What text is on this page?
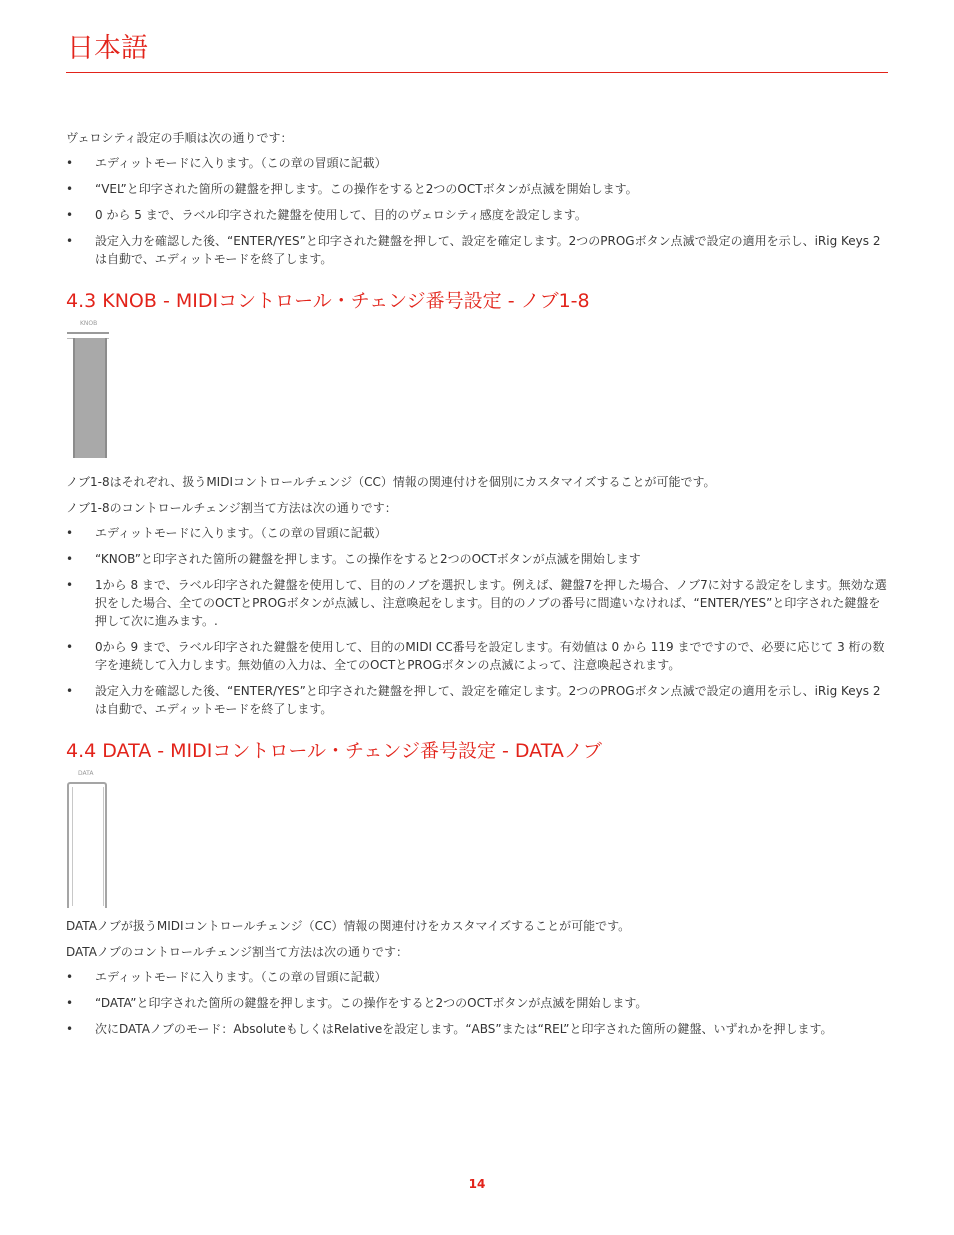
日本語

ヴェロシティ設定の手順は次の通りです：

• エディットモードに入ります。（この章の冒頭に記載）
• “VEL”と印字された箇所の鍵盤を押します。この操作をすると2つのOCTボタンが点滅を開始します。
• 0 から 5 まで、ラベル印字された鍵盤を使用して、目的のヴェロシティ感度を設定します。
• 設定入力を確認した後、“ENTER/YES”と印字された鍵盤を押して、設定を確定します。2つのPROGボタン点滅で設定の適用を示し、iRig Keys 2は自動で、エディットモードを終了します。
4.3 KNOB - MIDIコントロール・チェンジ番号設定 - ノブ1-8
KNOB

ノブ1-8はそれぞれ、扱うMIDIコントロールチェンジ（CC）情報の関連付けを個別にカスタマイズすることが可能です。

ノブ1-8のコントロールチェンジ割当て方法は次の通りです：

• エディットモードに入ります。（この章の冒頭に記載）
• “KNOB”と印字された箇所の鍵盤を押します。この操作をすると2つのOCTボタンが点滅を開始します
• 1から 8 まで、ラベル印字された鍵盤を使用して、目的のノブを選択します。例えば、鍵盤7を押した場合、ノブ7に対する設定をします。無効な選択をした場合、全てのOCTとPROGボタンが点滅し、注意喚起をします。目的のノブの番号に間違いなければ、“ENTER/YES”と印字された鍵盤を押して次に進みます。.
• 0から 9 まで、ラベル印字された鍵盤を使用して、目的のMIDI CC番号を設定します。有効値は 0 から 119 までですので、必要に応じて 3 桁の数字を連続して入力します。無効値の入力は、全てのOCTとPROGボタンの点滅によって、注意喚起されます。
• 設定入力を確認した後、“ENTER/YES”と印字された鍵盤を押して、設定を確定します。2つのPROGボタン点滅で設定の適用を示し、iRig Keys 2は自動で、エディットモードを終了します。
4.4 DATA - MIDIコントロール・チェンジ番号設定 - DATAノブ
DATA

DATAノブが扱うMIDIコントロールチェンジ（CC）情報の関連付けをカスタマイズすることが可能です。

DATAノブのコントロールチェンジ割当て方法は次の通りです：

• エディットモードに入ります。（この章の冒頭に記載）
• “DATA”と印字された箇所の鍵盤を押します。この操作をすると2つのOCTボタンが点滅を開始します。
• 次にDATAノブのモード：AbsoluteもしくはRelativeを設定します。“ABS”または“REL”と印字された箇所の鍵盤、いずれかを押します。
14
